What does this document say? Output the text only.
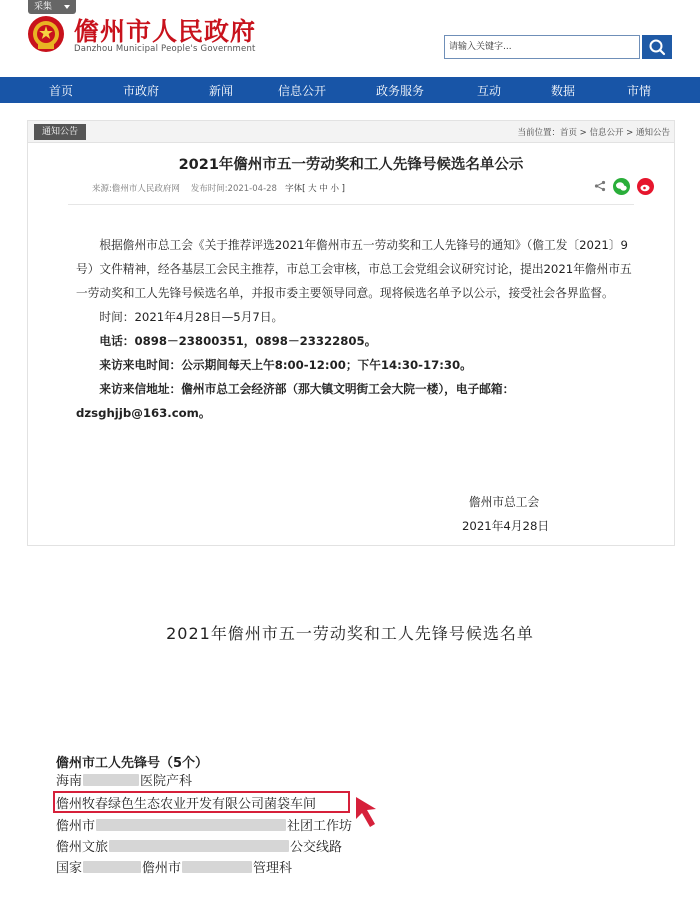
采集
儋州市人民政府
Danzhou Municipal People's Government	请输入关键字...
首页	市政府	新闻	信息公开	政务服务	互动	数据	市情
通知公告	当前位置：首页 > 信息公开 > 通知公告
2021年儋州市五一劳动奖和工人先锋号候选名单公示
来源:儋州市人民政府网 发布时间:2021-04-28 字体[ 大 中 小 ]

根据儋州市总工会《关于推荐评选2021年儋州市五一劳动奖和工人先锋号的通知》（儋工发〔2021〕9号）文件精神，经各基层工会民主推荐，市总工会审核，市总工会党组会议研究讨论，提出2021年儋州市五一劳动奖和工人先锋号候选名单，并报市委主要领导同意。现将候选名单予以公示，接受社会各界监督。

时间：2021年4月28日—5月7日。

电话：0898－23800351，0898－23322805。

来访来电时间：公示期间每天上午8:00-12:00；下午14:30-17:30。

来访来信地址：儋州市总工会经济部（那大镇文明街工会大院一楼），电子邮箱：dzsghjjb@163.com。

儋州市总工会
2021年4月28日
2021年儋州市五一劳动奖和工人先锋号候选名单
儋州市工人先锋号（5个）
海南	医院产科
儋州牧春绿色生态农业开发有限公司菌袋车间
儋州市	社团工作坊
儋州文旅	公交线路
国家	儋州市	管理科
